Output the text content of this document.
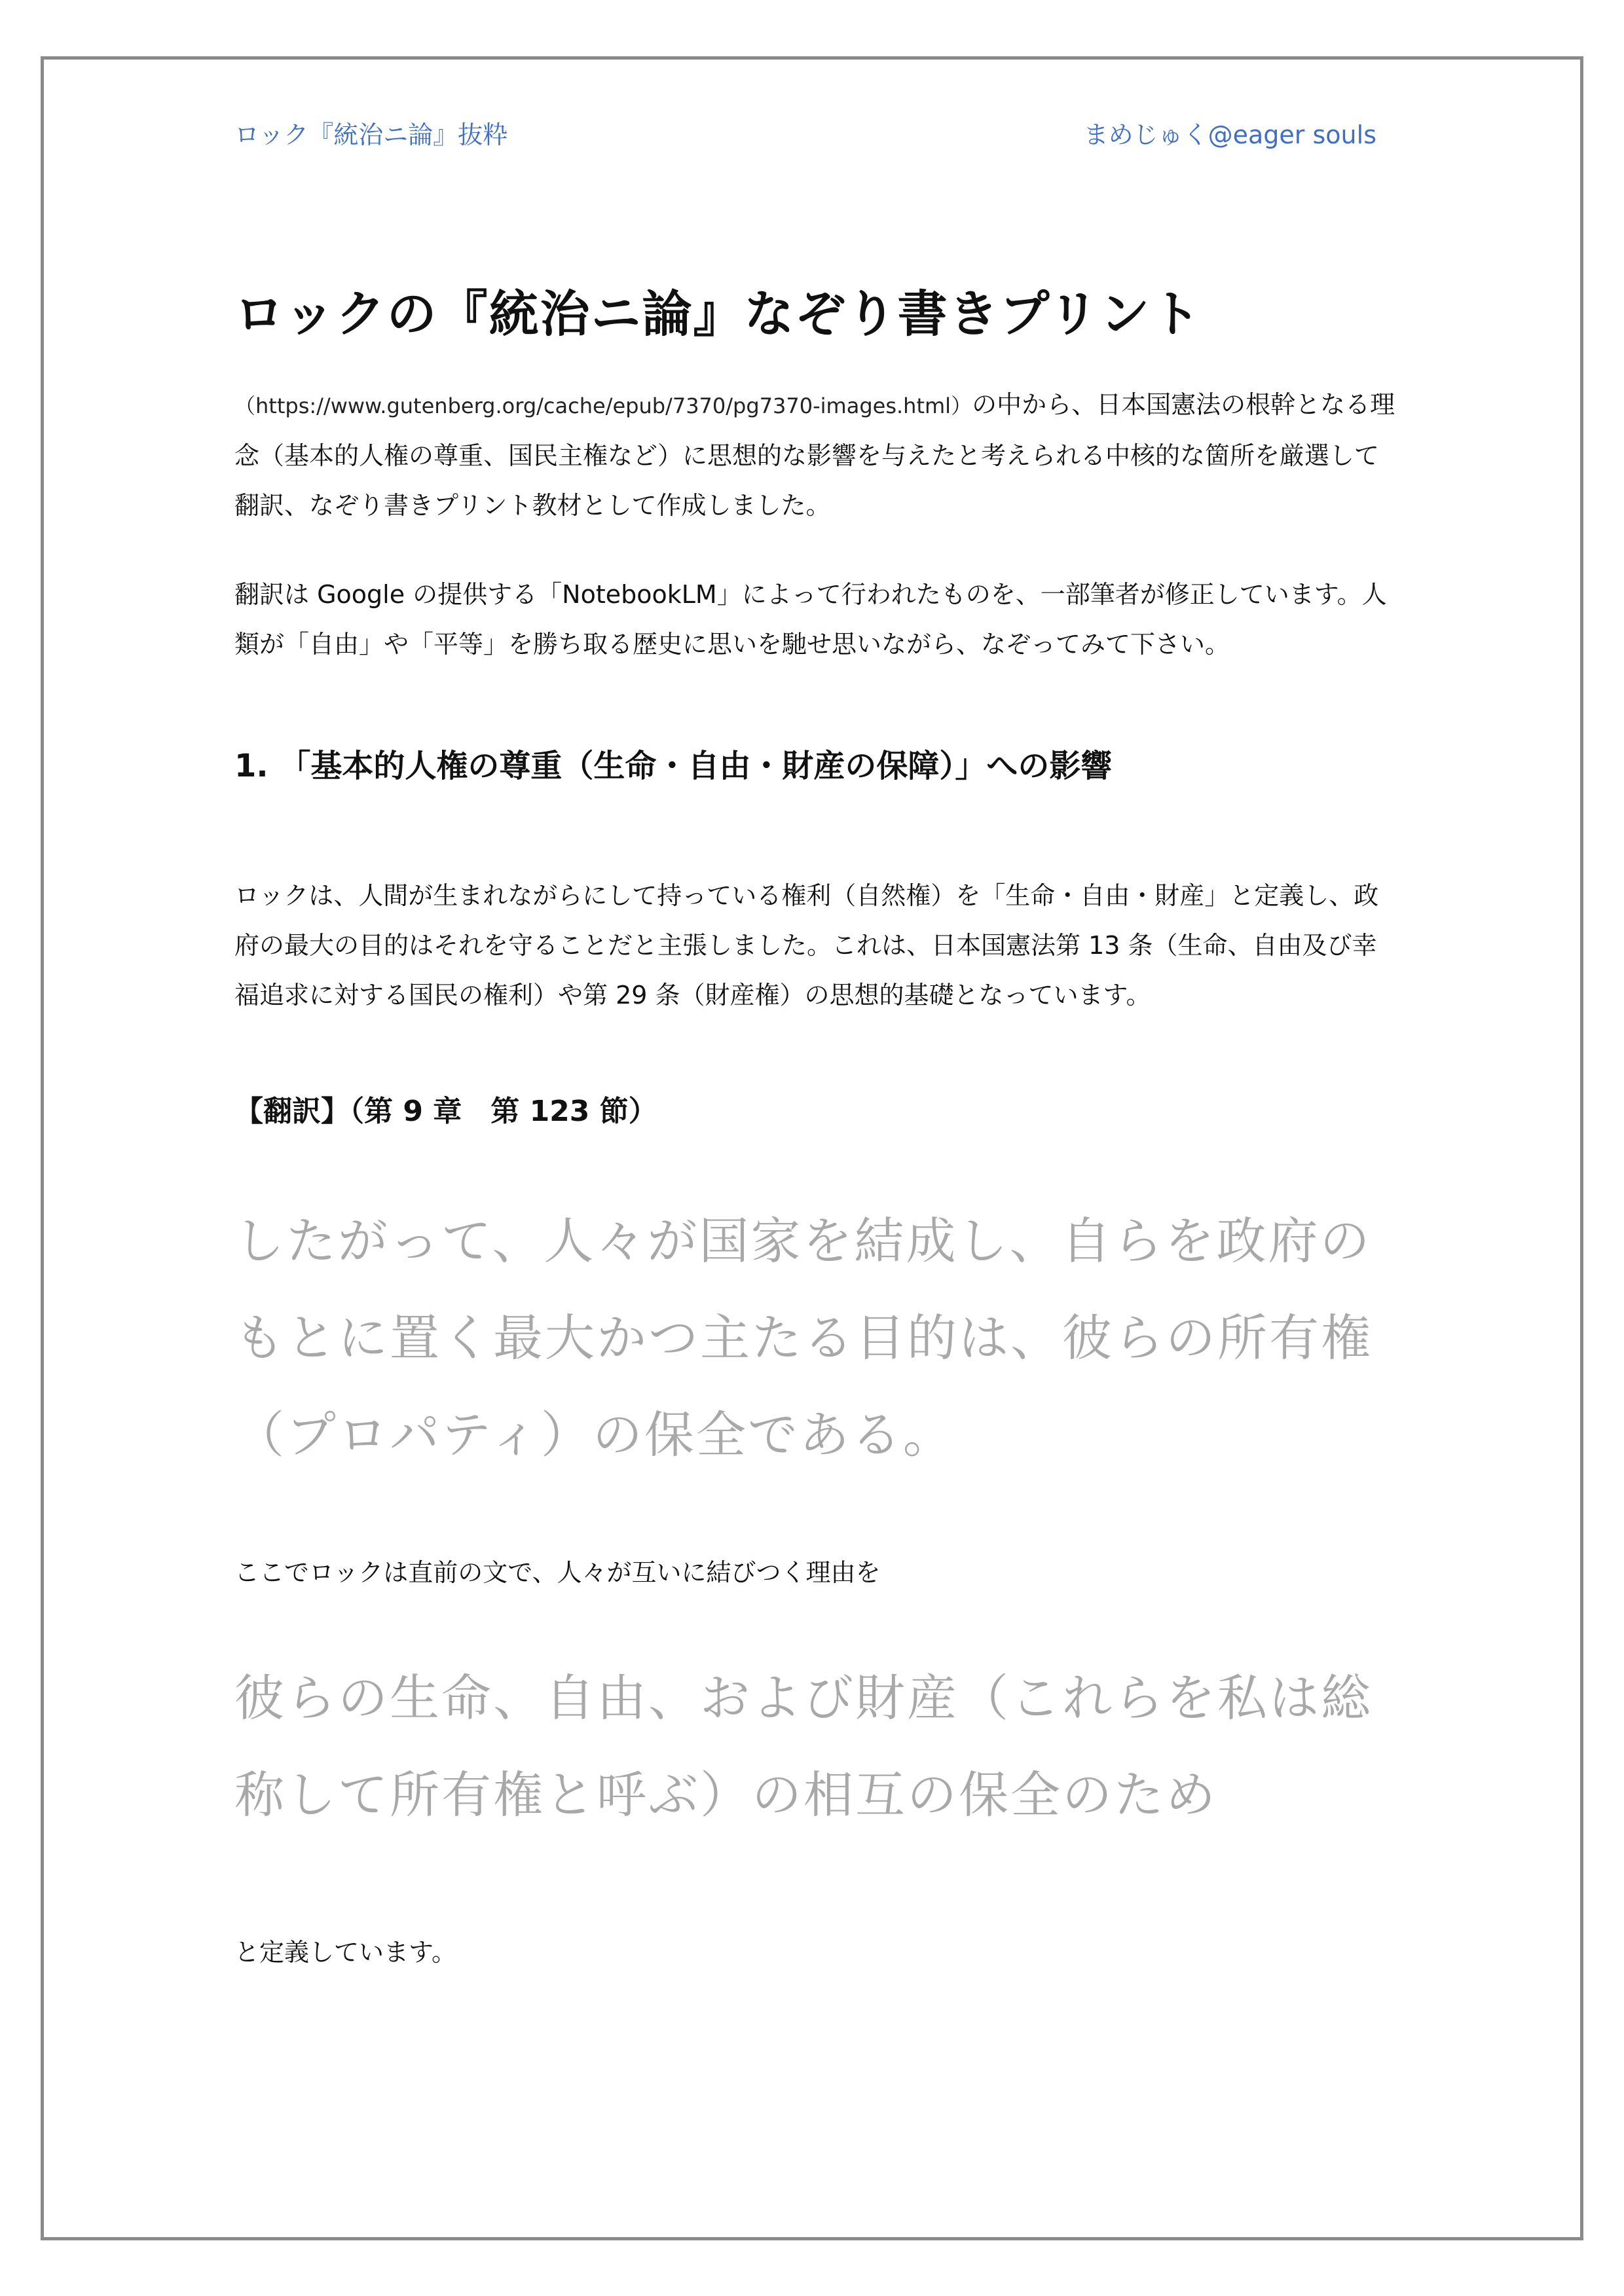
ロック『統治ニ論』抜粋	まめじゅく@eager souls
ロックの『統治ニ論』なぞり書きプリント

（https://www.gutenberg.org/cache/epub/7370/pg7370-images.html）の中から、日本国憲法の根幹となる理念（基本的人権の尊重、国民主権など）に思想的な影響を与えたと考えられる中核的な箇所を厳選して翻訳、なぞり書きプリント教材として作成しました。

翻訳は Google の提供する「NotebookLM」によって行われたものを、一部筆者が修正しています。人類が「自由」や「平等」を勝ち取る歴史に思いを馳せ思いながら、なぞってみて下さい。

1. 「基本的人権の尊重（生命・自由・財産の保障）」への影響

ロックは、人間が生まれながらにして持っている権利（自然権）を「生命・自由・財産」と定義し、政府の最大の目的はそれを守ることだと主張しました。これは、日本国憲法第 13 条（生命、自由及び幸福追求に対する国民の権利）や第 29 条（財産権）の思想的基礎となっています。

【翻訳】（第 9 章　第 123 節）

したがって、人々が国家を結成し、自らを政府のもとに置く最大かつ主たる目的は、彼らの所有権（プロパティ）の保全である。

ここでロックは直前の文で、人々が互いに結びつく理由を

彼らの生命、自由、および財産（これらを私は総称して所有権と呼ぶ）の相互の保全のため

と定義しています。
